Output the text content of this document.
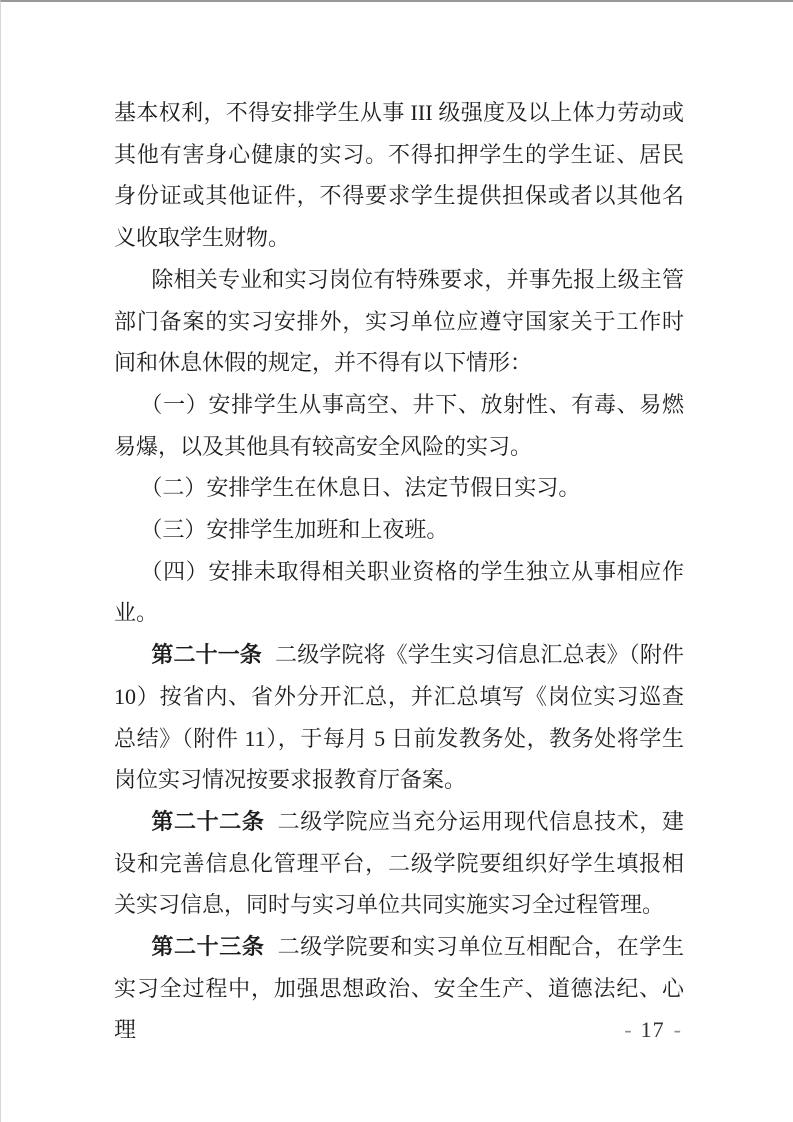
基本权利，不得安排学生从事 III 级强度及以上体力劳动或其他有害身心健康的实习。不得扣押学生的学生证、居民身份证或其他证件，不得要求学生提供担保或者以其他名义收取学生财物。

除相关专业和实习岗位有特殊要求，并事先报上级主管部门备案的实习安排外，实习单位应遵守国家关于工作时间和休息休假的规定，并不得有以下情形：

（一）安排学生从事高空、井下、放射性、有毒、易燃易爆，以及其他具有较高安全风险的实习。

（二）安排学生在休息日、法定节假日实习。

（三）安排学生加班和上夜班。

（四）安排未取得相关职业资格的学生独立从事相应作业。

第二十一条 二级学院将《学生实习信息汇总表》（附件10）按省内、省外分开汇总，并汇总填写《岗位实习巡查总结》（附件 11），于每月 5 日前发教务处，教务处将学生岗位实习情况按要求报教育厅备案。

第二十二条 二级学院应当充分运用现代信息技术，建设和完善信息化管理平台，二级学院要组织好学生填报相关实习信息，同时与实习单位共同实施实习全过程管理。

第二十三条 二级学院要和实习单位互相配合，在学生实习全过程中，加强思想政治、安全生产、道德法纪、心理	- 17 -
